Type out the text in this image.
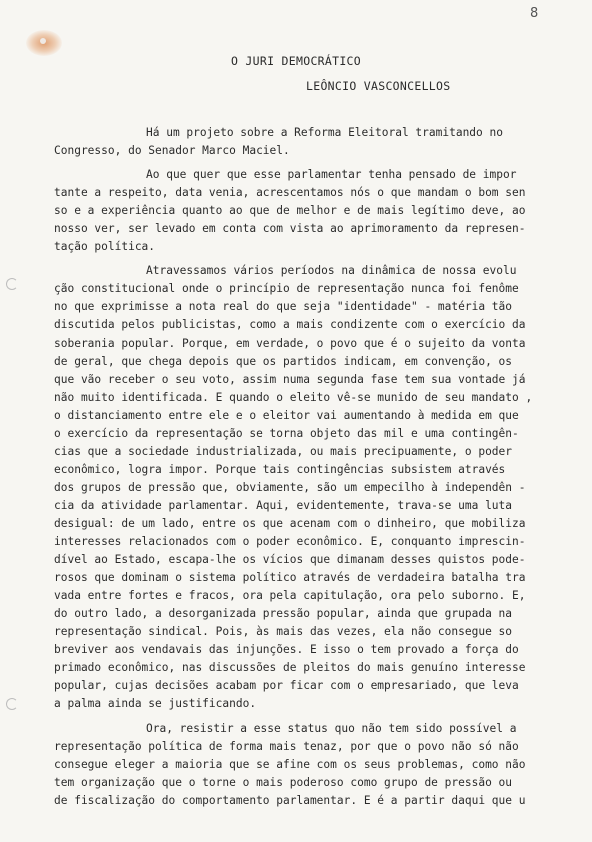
8
O JURI DEMOCRÁTICO
LEÔNCIO VASCONCELLOS
Há um projeto sobre a Reforma Eleitoral tramitando no
Congresso, do Senador Marco Maciel.
Ao que quer que esse parlamentar tenha pensado de impor
tante a respeito, data venia, acrescentamos nós o que mandam o bom sen
so e a experiência quanto ao que de melhor e de mais legítimo deve, ao
nosso ver, ser levado em conta com vista ao aprimoramento da represen-
tação política.
Atravessamos vários períodos na dinâmica de nossa evolu
ção constitucional onde o princípio de representação nunca foi fenôme
no que exprimisse a nota real do que seja "identidade" - matéria tão
discutida pelos publicistas, como a mais condizente com o exercício da
soberania popular. Porque, em verdade, o povo que é o sujeito da vonta
de geral, que chega depois que os partidos indicam, em convenção, os
que vão receber o seu voto, assim numa segunda fase tem sua vontade já
não muito identificada. E quando o eleito vê-se munido de seu mandato ,
o distanciamento entre ele e o eleitor vai aumentando à medida em que
o exercício da representação se torna objeto das mil e uma contingên-
cias que a sociedade industrializada, ou mais precipuamente, o poder
econômico, logra impor. Porque tais contingências subsistem através
dos grupos de pressão que, obviamente, são um empecilho à independên -
cia da atividade parlamentar. Aqui, evidentemente, trava-se uma luta
desigual: de um lado, entre os que acenam com o dinheiro, que mobiliza
interesses relacionados com o poder econômico. E, conquanto imprescin-
dível ao Estado, escapa-lhe os vícios que dimanam desses quistos pode-
rosos que dominam o sistema político através de verdadeira batalha tra
vada entre fortes e fracos, ora pela capitulação, ora pelo suborno. E,
do outro lado, a desorganizada pressão popular, ainda que grupada na
representação sindical. Pois, às mais das vezes, ela não consegue so
breviver aos vendavais das injunções. E isso o tem provado a força do
primado econômico, nas discussões de pleitos do mais genuíno interesse
popular, cujas decisões acabam por ficar com o empresariado, que leva
a palma ainda se justificando.
Ora, resistir a esse status quo não tem sido possível a
representação política de forma mais tenaz, por que o povo não só não
consegue eleger a maioria que se afine com os seus problemas, como não
tem organização que o torne o mais poderoso como grupo de pressão ou
de fiscalização do comportamento parlamentar. E é a partir daqui que u
